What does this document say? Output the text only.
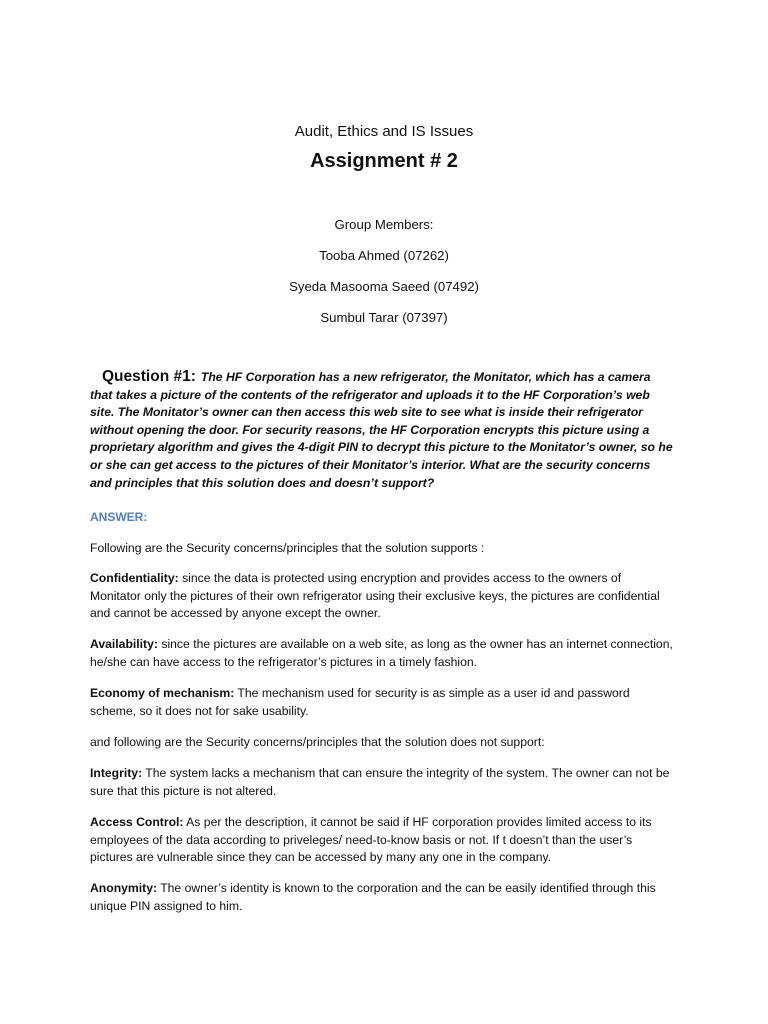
Audit, Ethics and IS Issues
Assignment # 2
Group Members:
Tooba Ahmed (07262)
Syeda Masooma Saeed (07492)
Sumbul Tarar (07397)
Question #1: The HF Corporation has a new refrigerator, the Monitator, which has a camera that takes a picture of the contents of the refrigerator and uploads it to the HF Corporation’s web site. The Monitator’s owner can then access this web site to see what is inside their refrigerator without opening the door. For security reasons, the HF Corporation encrypts this picture using a proprietary algorithm and gives the 4-digit PIN to decrypt this picture to the Monitator’s owner, so he or she can get access to the pictures of their Monitator’s interior. What are the security concerns and principles that this solution does and doesn’t support?
ANSWER:
Following are the Security concerns/principles that the solution supports :
Confidentiality: since the data is protected using encryption and provides access to the owners of Monitator only the pictures of their own refrigerator using their exclusive keys, the pictures are confidential and cannot be accessed by anyone except the owner.
Availability: since the pictures are available on a web site, as long as the owner has an internet connection, he/she can have access to the refrigerator’s pictures in a timely fashion.
Economy of mechanism: The mechanism used for security is as simple as a user id and password scheme, so it does not for sake usability.
and following are the Security concerns/principles that the solution does not support:
Integrity: The system lacks a mechanism that can ensure the integrity of the system. The owner can not be sure that this picture is not altered.
Access Control: As per the description, it cannot be said if HF corporation provides limited access to its employees of the data according to priveleges/ need-to-know basis or not. If t doesn’t than the user’s pictures are vulnerable since they can be accessed by many any one in the company.
Anonymity: The owner’s identity is known to the corporation and the can be easily identified through this unique PIN assigned to him.
